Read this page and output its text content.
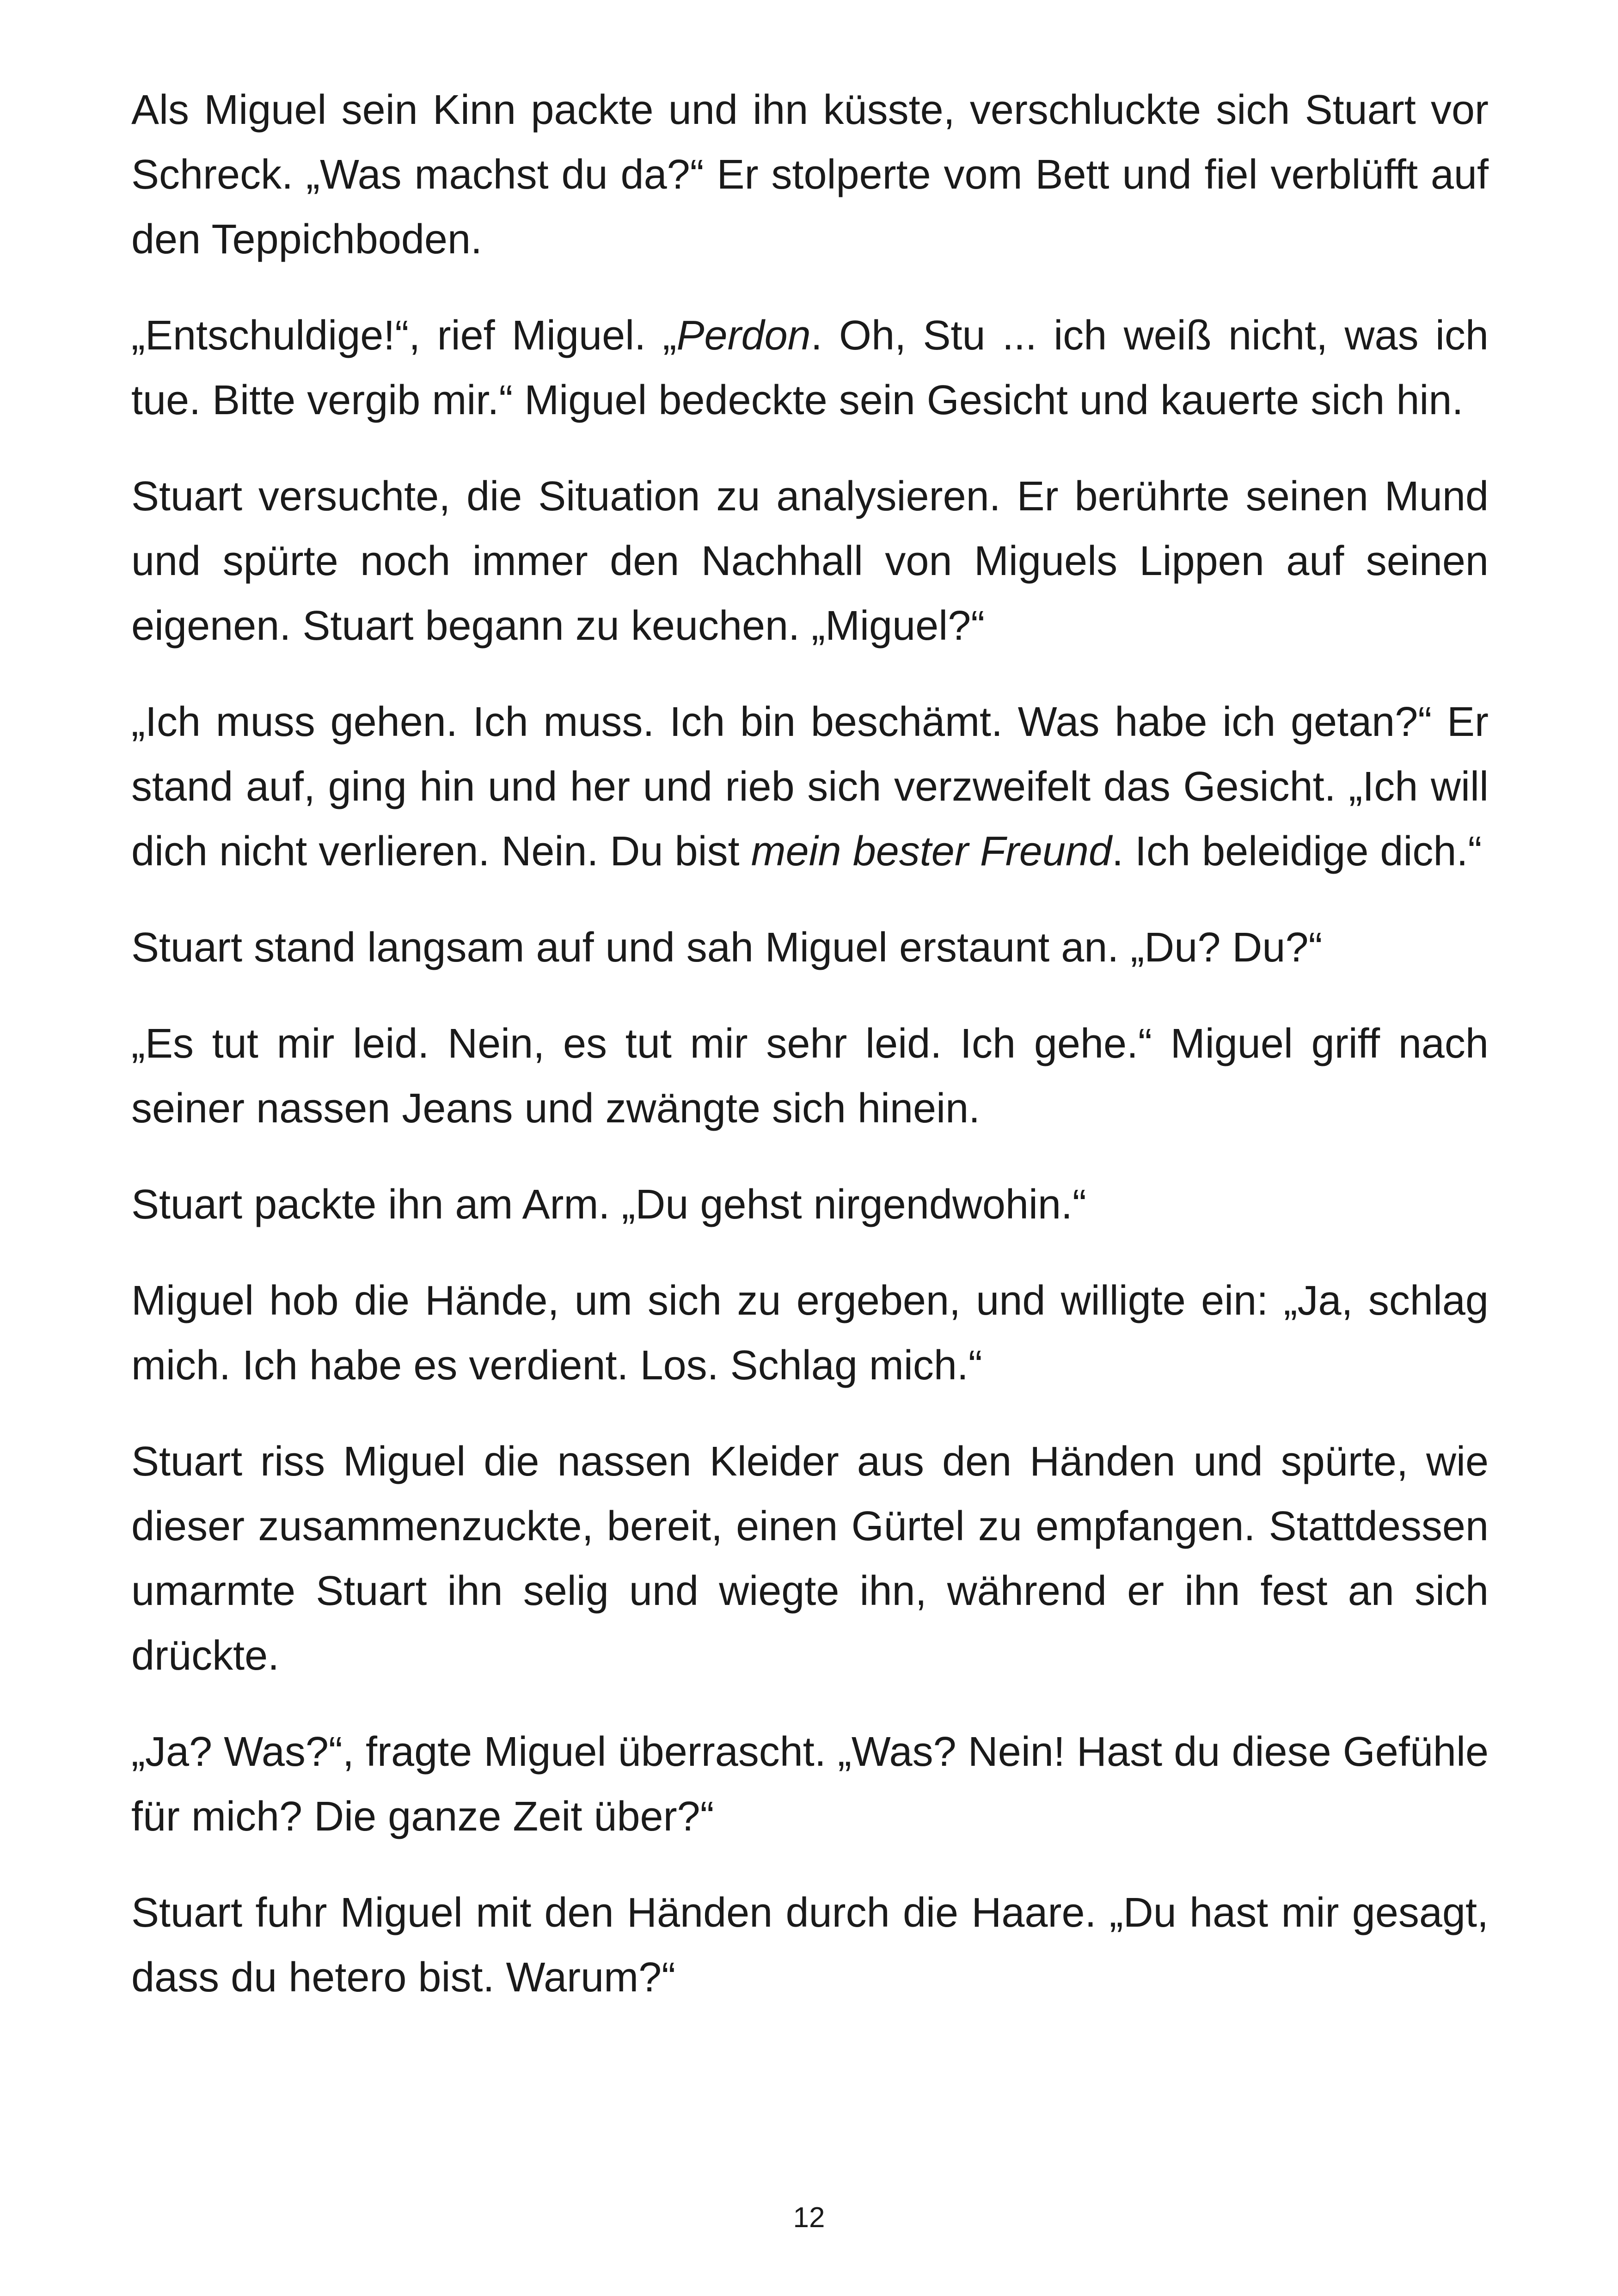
Als Miguel sein Kinn packte und ihn küsste, verschluckte sich Stuart vor Schreck. „Was machst du da?“ Er stolperte vom Bett und fiel verblüfft auf den Teppichboden.

„Entschuldige!“, rief Miguel. „Perdon. Oh, Stu ... ich weiß nicht, was ich tue. Bitte vergib mir.“ Miguel bedeckte sein Gesicht und kauerte sich hin.

Stuart versuchte, die Situation zu analysieren. Er berührte seinen Mund und spürte noch immer den Nachhall von Miguels Lippen auf seinen eigenen. Stuart begann zu keuchen. „Miguel?“

„Ich muss gehen. Ich muss. Ich bin beschämt. Was habe ich getan?“ Er stand auf, ging hin und her und rieb sich verzweifelt das Gesicht. „Ich will dich nicht verlieren. Nein. Du bist mein bester Freund. Ich beleidige dich.“

Stuart stand langsam auf und sah Miguel erstaunt an. „Du? Du?“

„Es tut mir leid. Nein, es tut mir sehr leid. Ich gehe.“ Miguel griff nach seiner nassen Jeans und zwängte sich hinein.

Stuart packte ihn am Arm. „Du gehst nirgendwohin.“

Miguel hob die Hände, um sich zu ergeben, und willigte ein: „Ja, schlag mich. Ich habe es verdient. Los. Schlag mich.“

Stuart riss Miguel die nassen Kleider aus den Händen und spürte, wie dieser zusammenzuckte, bereit, einen Gürtel zu empfangen. Stattdessen umarmte Stuart ihn selig und wiegte ihn, während er ihn fest an sich drückte.

„Ja? Was?“, fragte Miguel überrascht. „Was? Nein! Hast du diese Gefühle für mich? Die ganze Zeit über?“

Stuart fuhr Miguel mit den Händen durch die Haare. „Du hast mir gesagt, dass du hetero bist. Warum?“

12
